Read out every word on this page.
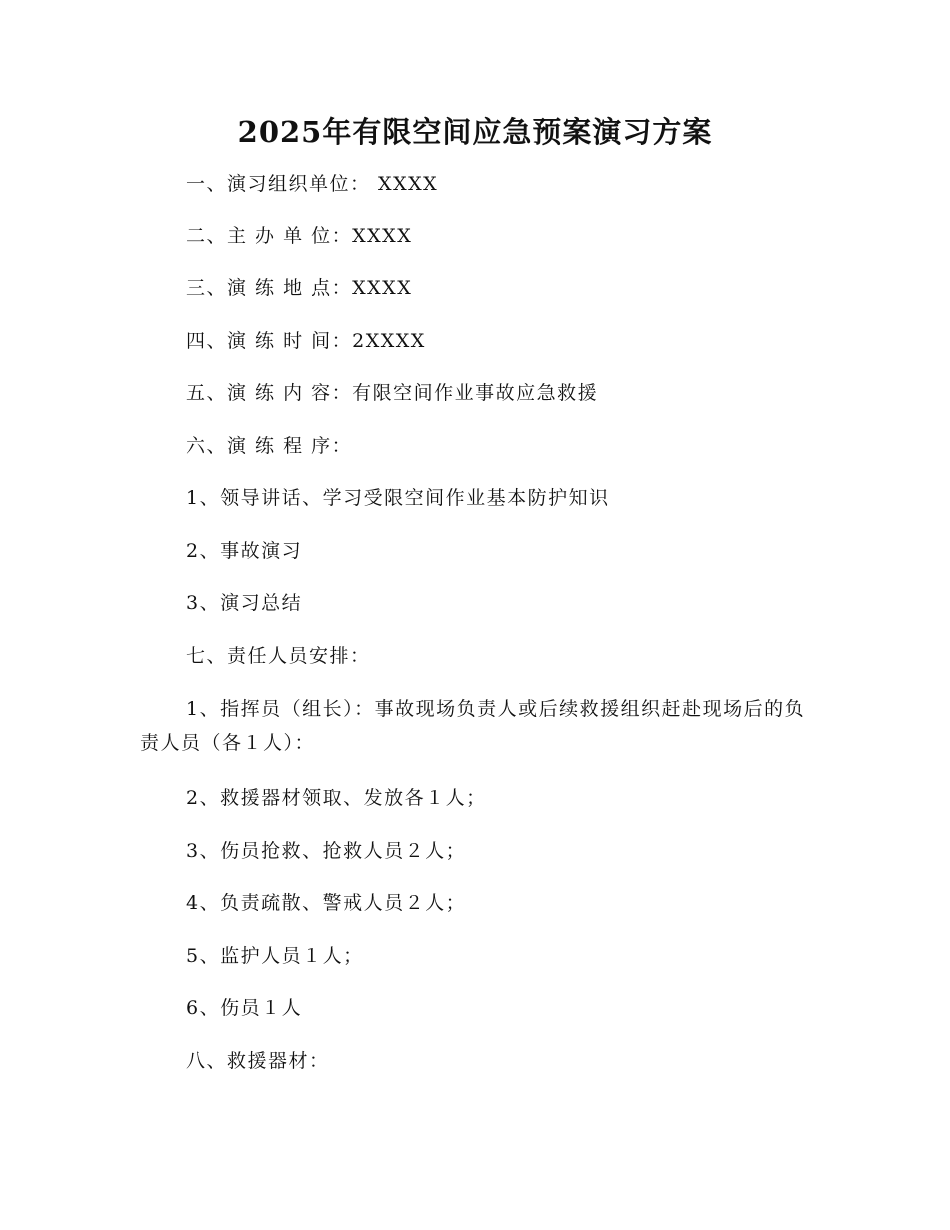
2025年有限空间应急预案演习方案
一、演习组织单位： XXXX
二、主 办 单 位：XXXX
三、演 练 地 点：XXXX
四、演 练 时 间：2XXXX
五、演 练 内 容：有限空间作业事故应急救援
六、演 练 程 序：
1、领导讲话、学习受限空间作业基本防护知识
2、事故演习
3、演习总结
七、责任人员安排：
1、指挥员（组长）：事故现场负责人或后续救援组织赶赴现场后的负责人员（各１人）：
2、救援器材领取、发放各１人；
3、伤员抢救、抢救人员２人；
4、负责疏散、警戒人员２人；
5、监护人员１人；
6、伤员１人
八、救援器材：
